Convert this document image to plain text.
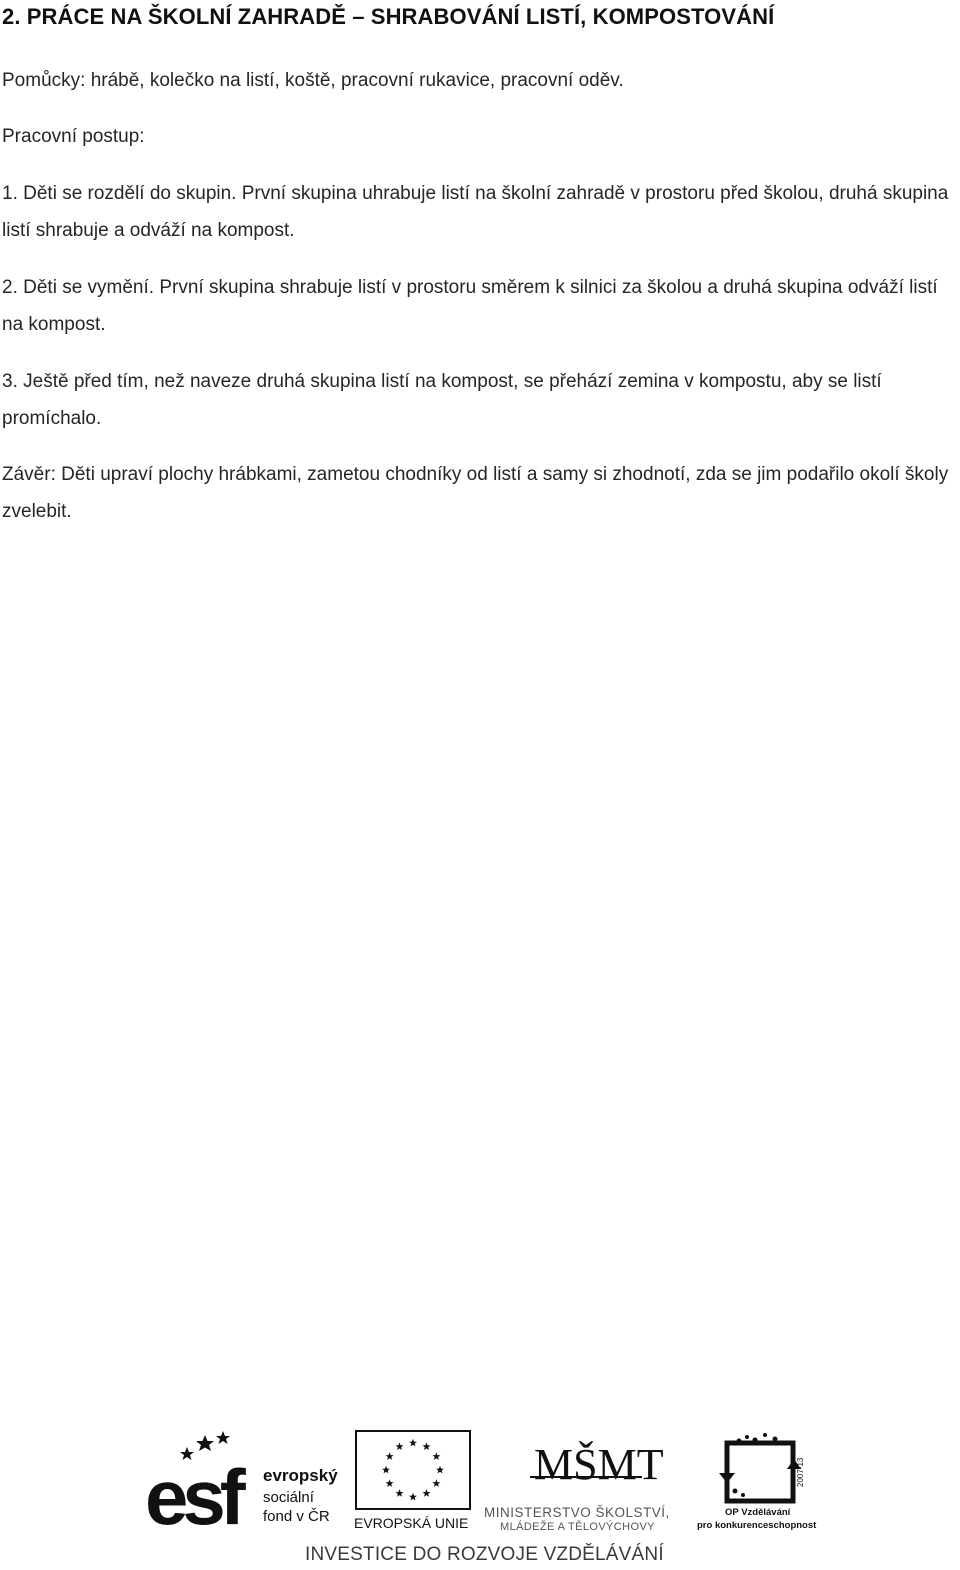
2. PRÁCE NA ŠKOLNÍ ZAHRADĚ – SHRABOVÁNÍ LISTÍ, KOMPOSTOVÁNÍ

Pomůcky: hrábě, kolečko na listí, koště, pracovní rukavice, pracovní oděv.

Pracovní postup:

1. Děti se rozdělí do skupin. První skupina uhrabuje listí na školní zahradě v prostoru před školou, druhá skupina listí shrabuje a odváží na kompost.

2. Děti se vymění. První skupina shrabuje listí v prostoru směrem k silnici za školou a druhá skupina odváží listí na kompost.

3. Ještě před tím, než naveze druhá skupina listí na kompost, se přehází zemina v kompostu, aby se listí promíchalo.

Závěr: Děti upraví plochy hrábkami, zametou chodníky od listí a samy si zhodnotí, zda se jim podařilo okolí školy zvelebit.

esf	evropský
sociální
fond v ČR EVROPSKÁ UNIE
MŠMT
MINISTERSTVO ŠKOLSTVÍ,
MLÁDEŽE A TĚLOVÝCHOVY
2007-13
OP Vzdělávání
pro konkurenceschopnost

INVESTICE DO ROZVOJE VZDĚLÁVÁNÍ
